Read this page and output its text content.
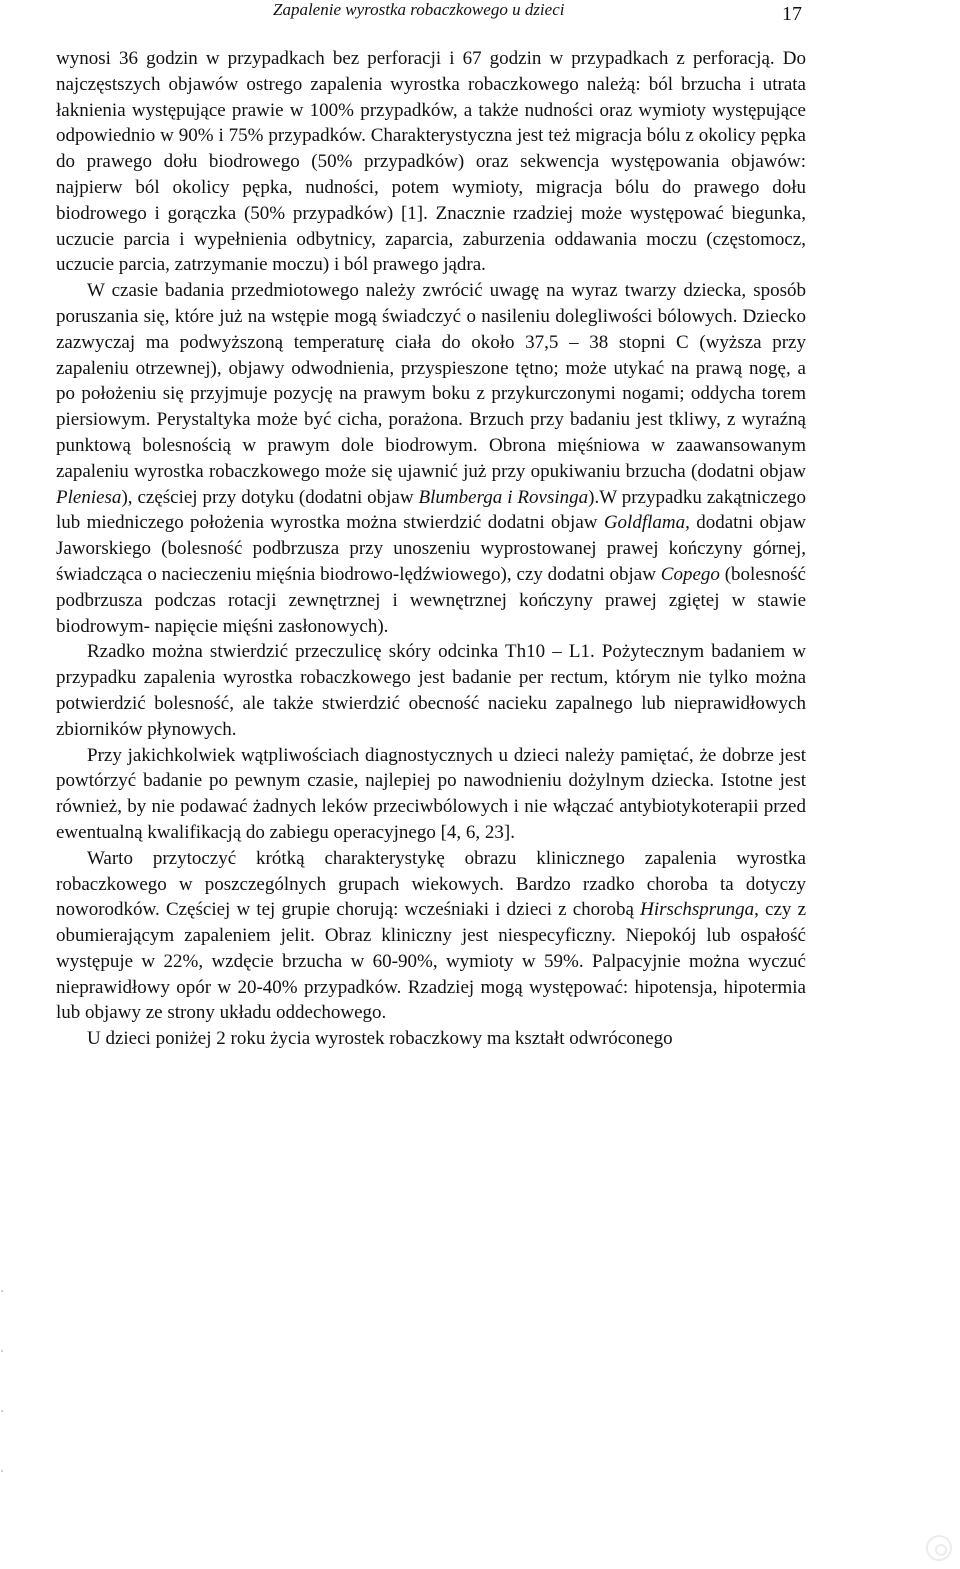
Zapalenie wyrostka robaczkowego u dzieci	17

wynosi 36 godzin w przypadkach bez perforacji i 67 godzin w przypadkach z perforacją. Do najczęstszych objawów ostrego zapalenia wyrostka robaczkowego należą: ból brzucha i utrata łaknienia występujące prawie w 100% przypadków, a także nudności oraz wymioty występujące odpowiednio w 90% i 75% przypadków. Charakterystyczna jest też migracja bólu z okolicy pępka do prawego dołu biodrowego (50% przypadków) oraz sekwencja występowania objawów: najpierw ból okolicy pępka, nudności, potem wymioty, migracja bólu do prawego dołu biodrowego i gorączka (50% przypadków) [1]. Znacznie rzadziej może występować biegunka, uczucie parcia i wypełnienia odbytnicy, zaparcia, zaburzenia oddawania moczu (częstomocz, uczucie parcia, zatrzymanie moczu) i ból prawego jądra.

W czasie badania przedmiotowego należy zwrócić uwagę na wyraz twarzy dziecka, sposób poruszania się, które już na wstępie mogą świadczyć o nasileniu dolegliwości bólowych. Dziecko zazwyczaj ma podwyższoną temperaturę ciała do około 37,5 – 38 stopni C (wyższa przy zapaleniu otrzewnej), objawy odwodnienia, przyspieszone tętno; może utykać na prawą nogę, a po położeniu się przyjmuje pozycję na prawym boku z przykurczonymi nogami; oddycha torem piersiowym. Perystaltyka może być cicha, porażona. Brzuch przy badaniu jest tkliwy, z wyraźną punktową bolesnością w prawym dole biodrowym. Obrona mięśniowa w zaawansowanym zapaleniu wyrostka robaczkowego może się ujawnić już przy opukiwaniu brzucha (dodatni objaw Pleniesa), częściej przy dotyku (dodatni objaw Blumberga i Rovsinga).W przypadku zakątniczego lub miedniczego położenia wyrostka można stwierdzić dodatni objaw Goldflama, dodatni objaw Jaworskiego (bolesność podbrzusza przy unoszeniu wyprostowanej prawej kończyny górnej, świadcząca o nacieczeniu mięśnia biodrowo-lędźwiowego), czy dodatni objaw Copego (bolesność podbrzusza podczas rotacji zewnętrznej i wewnętrznej kończyny prawej zgiętej w stawie biodrowym- napięcie mięśni zasłonowych).

Rzadko można stwierdzić przeczulicę skóry odcinka Th10 – L1. Pożytecznym badaniem w przypadku zapalenia wyrostka robaczkowego jest badanie per rectum, którym nie tylko można potwierdzić bolesność, ale także stwierdzić obecność nacieku zapalnego lub nieprawidłowych zbiorników płynowych.

Przy jakichkolwiek wątpliwościach diagnostycznych u dzieci należy pamiętać, że dobrze jest powtórzyć badanie po pewnym czasie, najlepiej po nawodnieniu dożylnym dziecka. Istotne jest również, by nie podawać żadnych leków przeciwbólowych i nie włączać antybiotykoterapii przed ewentualną kwalifikacją do zabiegu operacyjnego [4, 6, 23].

Warto przytoczyć krótką charakterystykę obrazu klinicznego zapalenia wyrostka robaczkowego w poszczególnych grupach wiekowych. Bardzo rzadko choroba ta dotyczy noworodków. Częściej w tej grupie chorują: wcześniaki i dzieci z chorobą Hirschsprunga, czy z obumierającym zapaleniem jelit. Obraz kliniczny jest niespecyficzny. Niepokój lub ospałość występuje w 22%, wzdęcie brzucha w 60-90%, wymioty w 59%. Palpacyjnie można wyczuć nieprawidłowy opór w 20-40% przypadków. Rzadziej mogą występować: hipotensja, hipotermia lub objawy ze strony układu oddechowego.

U dzieci poniżej 2 roku życia wyrostek robaczkowy ma kształt odwróconego
